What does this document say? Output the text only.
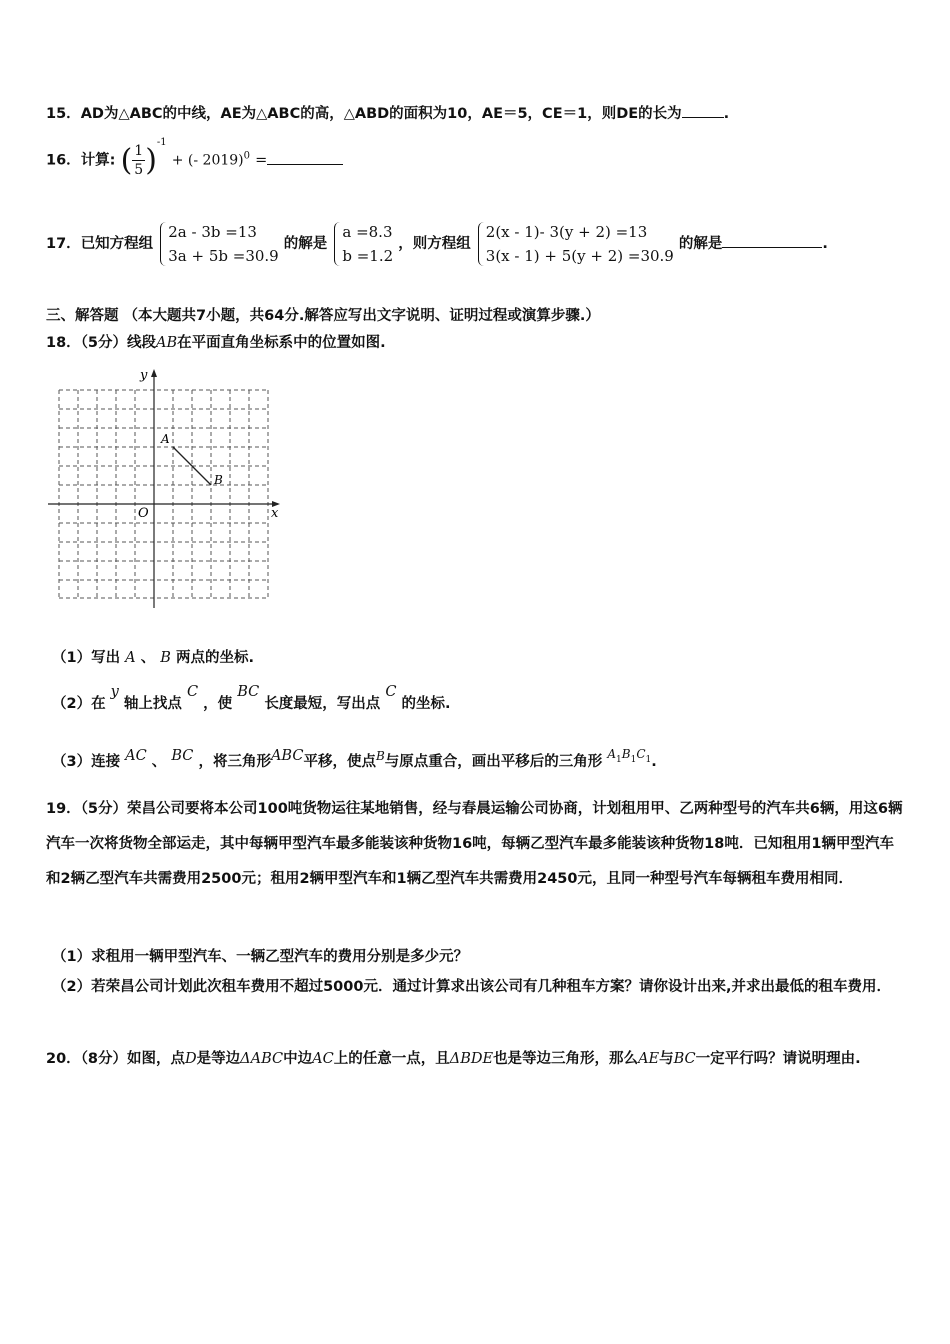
15．AD为△ABC的中线，AE为△ABC的高，△ABD的面积为10，AE＝5，CE＝1，则DE的长为	.
16．计算: ( $\frac{1}{5} )^{-1}$ + (- 2019)$^0$ =
17．已知方程组 2a - 3b =13
3a + 5b =30.9 的解是 a =8.3
b =1.2 ，则方程组 2(x - 1)- 3(y + 2) =13
3(x - 1) + 5(y + 2) =30.9 的解是	.
三、解答题 （本大题共7小题，共64分.解答应写出文字说明、证明过程或演算步骤.）
18．（5分）线段AB在平面直角坐标系中的位置如图.
y
x
O
A
B
（1）写出 A 、 B 两点的坐标.
（2）在 y 轴上找点 C ，使 BC 长度最短，写出点 C 的坐标.
（3）连接 AC 、 BC ，将三角形ABC平移，使点$^B$与原点重合，画出平移后的三角形 $A_1B_1C_1$.
19．（5分）荣昌公司要将本公司100吨货物运往某地销售，经与春晨运输公司协商，计划租用甲、乙两种型号的汽车共6辆，用这6辆汽车一次将货物全部运走，其中每辆甲型汽车最多能装该种货物16吨，每辆乙型汽车最多能装该种货物18吨．已知租用1辆甲型汽车和2辆乙型汽车共需费用2500元；租用2辆甲型汽车和1辆乙型汽车共需费用2450元，且同一种型号汽车每辆租车费用相同．
（1）求租用一辆甲型汽车、一辆乙型汽车的费用分别是多少元？
（2）若荣昌公司计划此次租车费用不超过5000元．通过计算求出该公司有几种租车方案？请你设计出来,并求出最低的租车费用．
20．（8分）如图，点D是等边ΔABC中边AC上的任意一点，且ΔBDE也是等边三角形，那么AE与BC一定平行吗？请说明理由.
